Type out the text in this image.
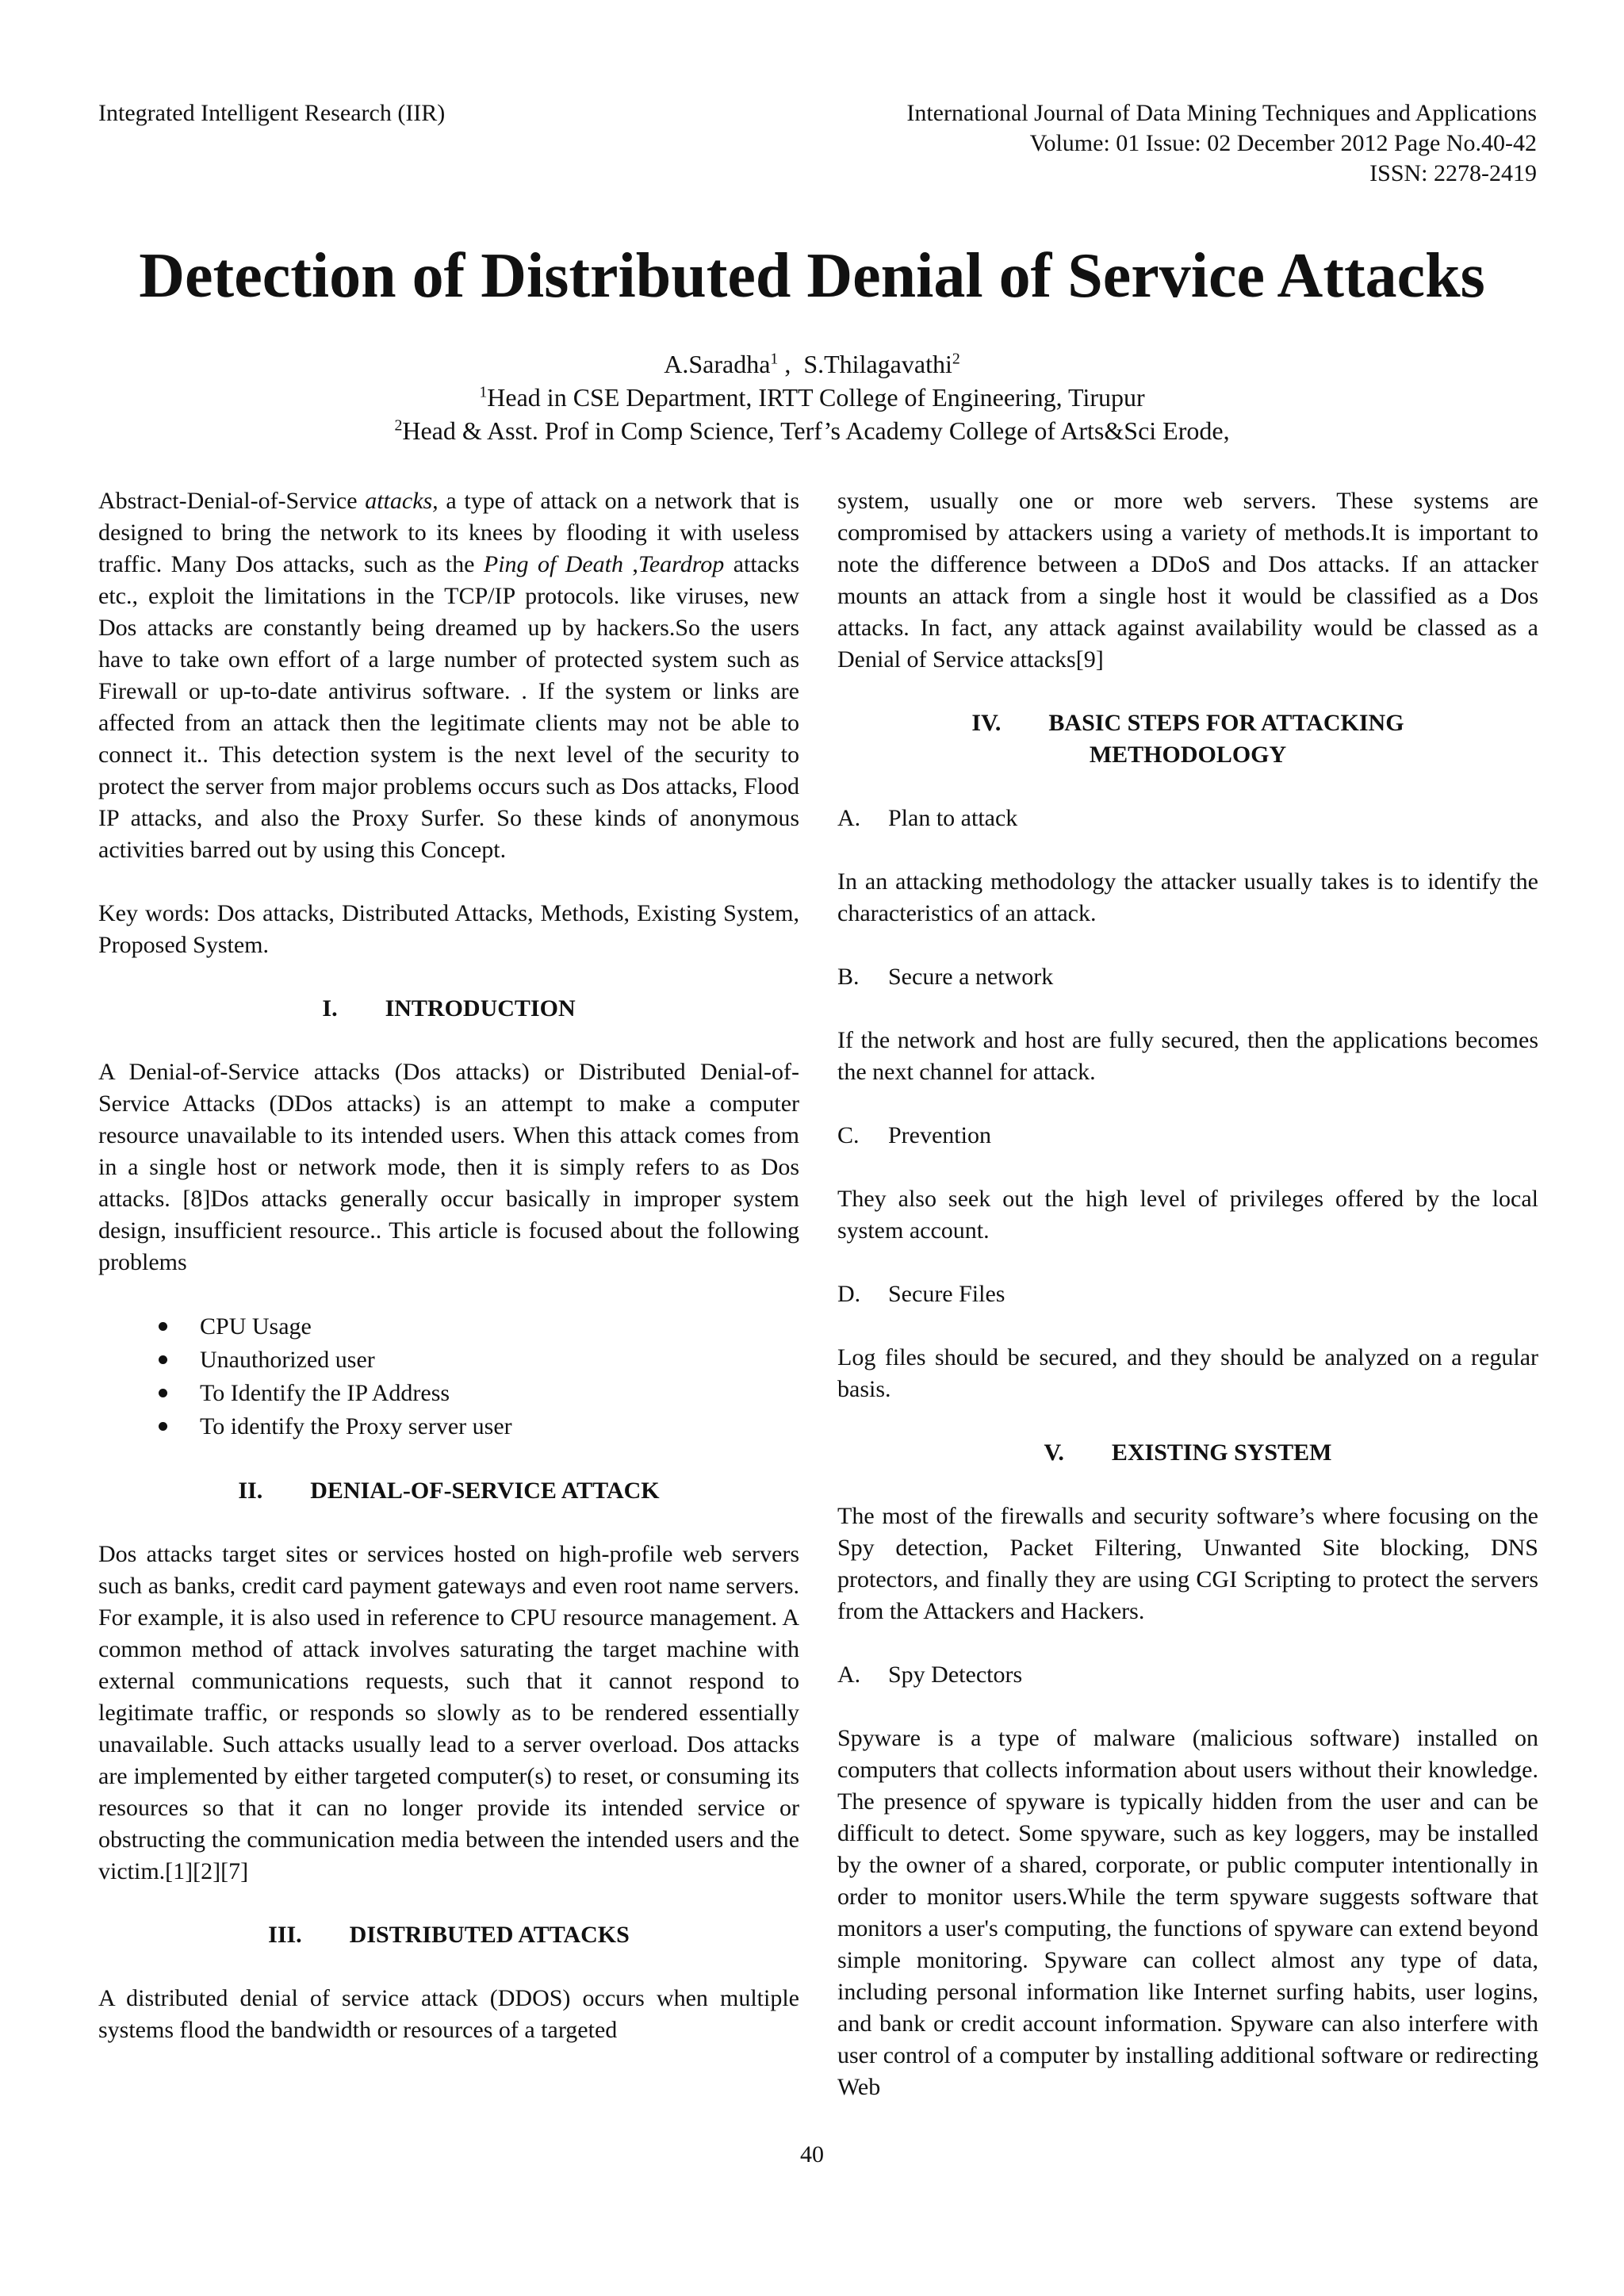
Integrated Intelligent Research (IIR)	International Journal of Data Mining Techniques and Applications
Volume: 01 Issue: 02 December 2012 Page No.40-42
ISSN: 2278-2419
Detection of Distributed Denial of Service Attacks
A.Saradha$^1$ ,  S.Thilagavathi$^2$
$^1$Head in CSE Department, IRTT College of Engineering, Tirupur
$^2$Head & Asst. Prof in Comp Science, Terf’s Academy College of Arts&Sci Erode,

Abstract-Denial-of-Service attacks, a type of attack on a network that is designed to bring the network to its knees by flooding it with useless traffic. Many Dos attacks, such as the Ping of Death ,Teardrop attacks etc., exploit the limitations in the TCP/IP protocols. like viruses, new Dos attacks are constantly being dreamed up by hackers.So the users have to take own effort of a large number of protected system such as Firewall or up-to-date antivirus software. . If the system or links are affected from an attack then the legitimate clients may not be able to connect it.. This detection system is the next level of the security to protect the server from major problems occurs such as Dos attacks, Flood IP attacks, and also the Proxy Surfer. So these kinds of anonymous activities barred out by using this Concept.

Key words: Dos attacks, Distributed Attacks, Methods, Existing System, Proposed System.

I. INTRODUCTION

A Denial-of-Service attacks (Dos attacks) or Distributed Denial-of-Service Attacks (DDos attacks) is an attempt to make a computer resource unavailable to its intended users. When this attack comes from in a single host or network mode, then it is simply refers to as Dos attacks. [8]Dos attacks generally occur basically in improper system design, insufficient resource.. This article is focused about the following problems

CPU Usage
Unauthorized user
To Identify the IP Address
To identify the Proxy server user
II. DENIAL-OF-SERVICE ATTACK

Dos attacks target sites or services hosted on high-profile web servers such as banks, credit card payment gateways and even root name servers. For example, it is also used in reference to CPU resource management. A common method of attack involves saturating the target machine with external communications requests, such that it cannot respond to legitimate traffic, or responds so slowly as to be rendered essentially unavailable. Such attacks usually lead to a server overload. Dos attacks are implemented by either targeted computer(s) to reset, or consuming its resources so that it can no longer provide its intended service or obstructing the communication media between the intended users and the victim.[1][2][7]

III. DISTRIBUTED ATTACKS

A distributed denial of service attack (DDOS) occurs when multiple systems flood the bandwidth or resources of a targeted

system, usually one or more web servers. These systems are compromised by attackers using a variety of methods.It is important to note the difference between a DDoS and Dos attacks. If an attacker mounts an attack from a single host it would be classified as a Dos attacks. In fact, any attack against availability would be classed as a Denial of Service attacks[9]

IV. BASIC STEPS FOR ATTACKING METHODOLOGY
A. Plan to attack

In an attacking methodology the attacker usually takes is to identify the characteristics of an attack.

B. Secure a network

If the network and host are fully secured, then the applications becomes the next channel for attack.

C. Prevention

They also seek out the high level of privileges offered by the local system account.

D. Secure Files

Log files should be secured, and they should be analyzed on a regular basis.

V. EXISTING SYSTEM

The most of the firewalls and security software’s where focusing on the Spy detection, Packet Filtering, Unwanted Site blocking, DNS protectors, and finally they are using CGI Scripting to protect the servers from the Attackers and Hackers.

A. Spy Detectors

Spyware is a type of malware (malicious software) installed on computers that collects information about users without their knowledge. The presence of spyware is typically hidden from the user and can be difficult to detect. Some spyware, such as key loggers, may be installed by the owner of a shared, corporate, or public computer intentionally in order to monitor users.While the term spyware suggests software that monitors a user's computing, the functions of spyware can extend beyond simple monitoring. Spyware can collect almost any type of data, including personal information like Internet surfing habits, user logins, and bank or credit account information. Spyware can also interfere with user control of a computer by installing additional software or redirecting Web

40
